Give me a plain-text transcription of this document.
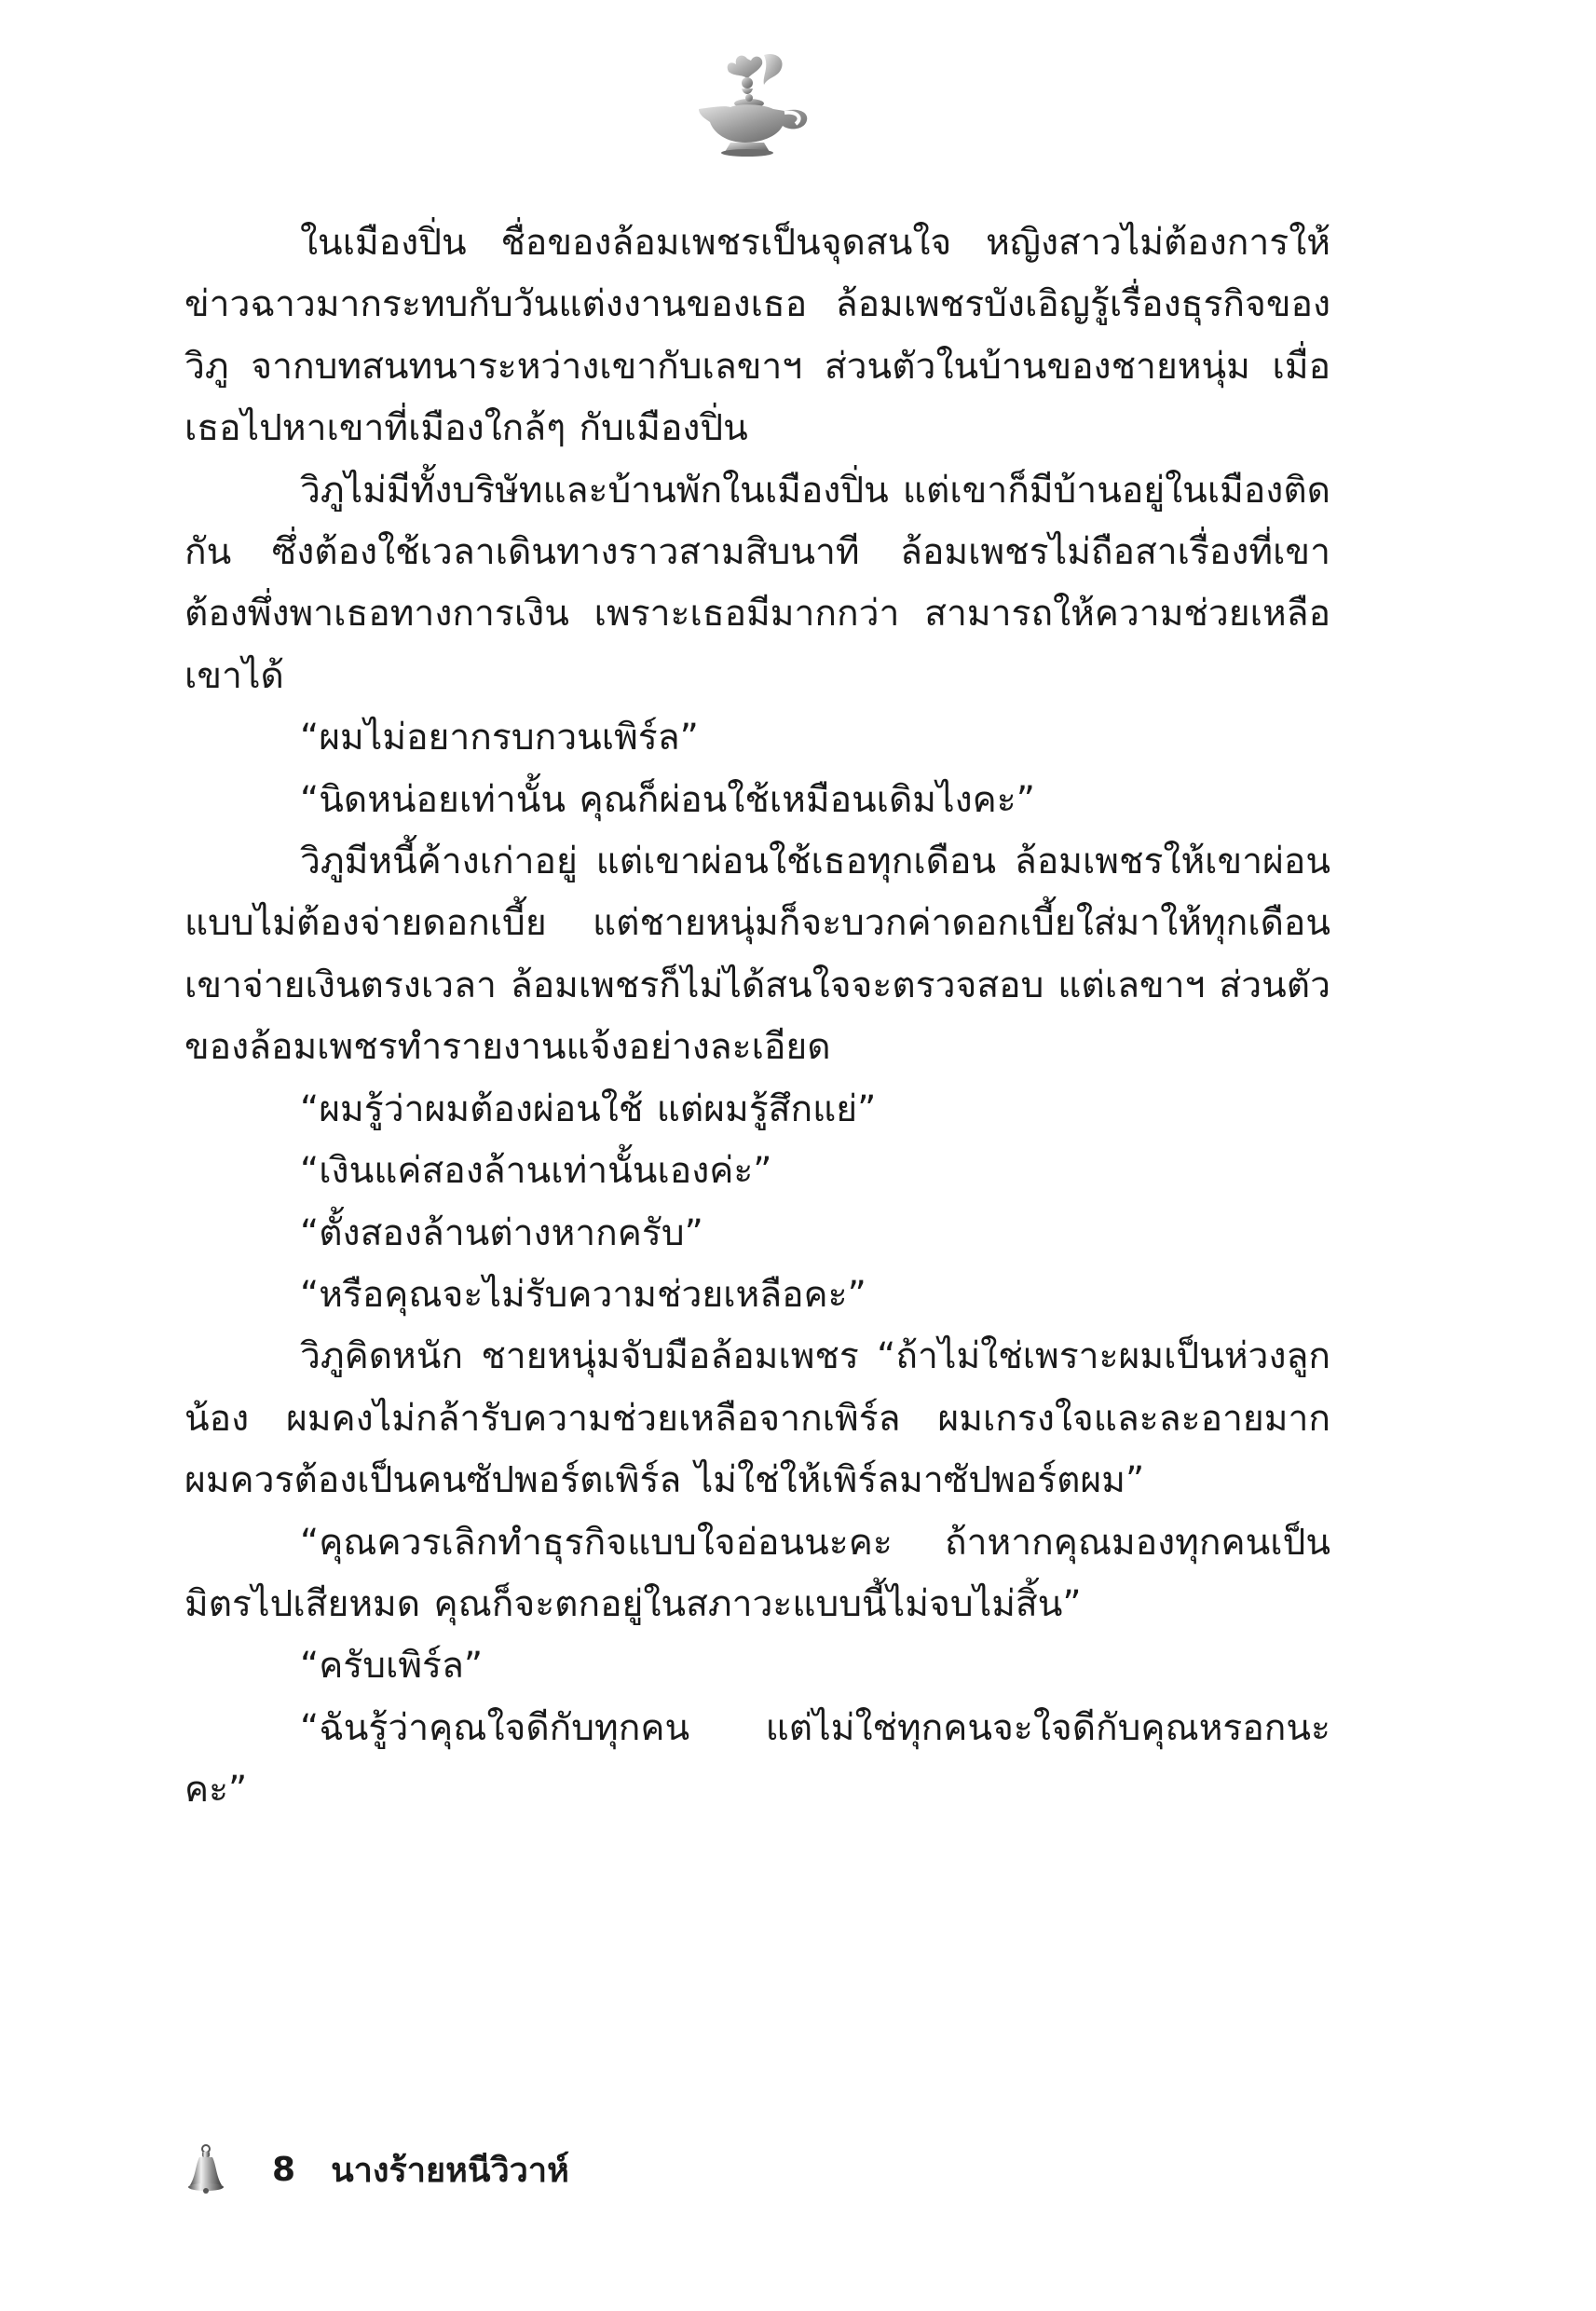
ในเมืองปิ่น ชื่อของล้อมเพชรเป็นจุดสนใจ หญิงสาวไม่ต้องการให้ข่าวฉาวมากระทบกับวันแต่งงานของเธอ ล้อมเพชรบังเอิญรู้เรื่องธุรกิจของวิภู จากบทสนทนาระหว่างเขากับเลขาฯ ส่วนตัวในบ้านของชายหนุ่ม เมื่อเธอไปหาเขาที่เมืองใกล้ๆ กับเมืองปิ่น

วิภูไม่มีทั้งบริษัทและบ้านพักในเมืองปิ่น แต่เขาก็มีบ้านอยู่ในเมืองติดกัน ซึ่งต้องใช้เวลาเดินทางราวสามสิบนาที ล้อมเพชรไม่ถือสาเรื่องที่เขาต้องพึ่งพาเธอทางการเงิน เพราะเธอมีมากกว่า สามารถให้ความช่วยเหลือเขาได้

“ผมไม่อยากรบกวนเพิร์ล”

“นิดหน่อยเท่านั้น คุณก็ผ่อนใช้เหมือนเดิมไงคะ”

วิภูมีหนี้ค้างเก่าอยู่ แต่เขาผ่อนใช้เธอทุกเดือน ล้อมเพชรให้เขาผ่อนแบบไม่ต้องจ่ายดอกเบี้ย แต่ชายหนุ่มก็จะบวกค่าดอกเบี้ยใส่มาให้ทุกเดือน เขาจ่ายเงินตรงเวลา ล้อมเพชรก็ไม่ได้สนใจจะตรวจสอบ แต่เลขาฯ ส่วนตัวของล้อมเพชรทำรายงานแจ้งอย่างละเอียด

“ผมรู้ว่าผมต้องผ่อนใช้ แต่ผมรู้สึกแย่”

“เงินแค่สองล้านเท่านั้นเองค่ะ”

“ตั้งสองล้านต่างหากครับ”

“หรือคุณจะไม่รับความช่วยเหลือคะ”

วิภูคิดหนัก ชายหนุ่มจับมือล้อมเพชร “ถ้าไม่ใช่เพราะผมเป็นห่วงลูกน้อง ผมคงไม่กล้ารับความช่วยเหลือจากเพิร์ล ผมเกรงใจและละอายมาก ผมควรต้องเป็นคนซัปพอร์ตเพิร์ล ไม่ใช่ให้เพิร์ลมาซัปพอร์ตผม”

“คุณควรเลิกทำธุรกิจแบบใจอ่อนนะคะ ถ้าหากคุณมองทุกคนเป็นมิตรไปเสียหมด คุณก็จะตกอยู่ในสภาวะแบบนี้ไม่จบไม่สิ้น”

“ครับเพิร์ล”

“ฉันรู้ว่าคุณใจดีกับทุกคน แต่ไม่ใช่ทุกคนจะใจดีกับคุณหรอกนะคะ”

8 นางร้ายหนีวิวาห์
